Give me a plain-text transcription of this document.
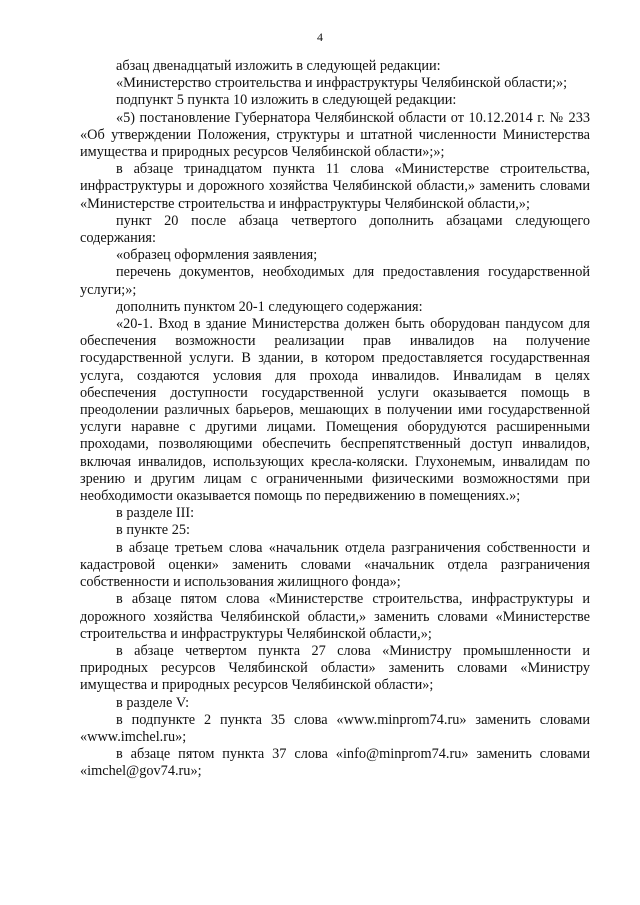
4

абзац двенадцатый изложить в следующей редакции:

«Министерство строительства и инфраструктуры Челябинской области;»;

подпункт 5 пункта 10 изложить в следующей редакции:

«5) постановление Губернатора Челябинской области от 10.12.2014 г. № 233 «Об утверждении Положения, структуры и штатной численности Министерства имущества и природных ресурсов Челябинской области»;»;

в абзаце тринадцатом пункта 11 слова «Министерстве строительства, инфраструктуры и дорожного хозяйства Челябинской области,» заменить словами «Министерстве строительства и инфраструктуры Челябинской области,»;

пункт 20 после абзаца четвертого дополнить абзацами следующего содержания:

«образец оформления заявления;

перечень документов, необходимых для предоставления государственной услуги;»;

дополнить пунктом 20-1 следующего содержания:

«20-1. Вход в здание Министерства должен быть оборудован пандусом для обеспечения возможности реализации прав инвалидов на получение государственной услуги. В здании, в котором предоставляется государственная услуга, создаются условия для прохода инвалидов. Инвалидам в целях обеспечения доступности государственной услуги оказывается помощь в преодолении различных барьеров, мешающих в получении ими государственной услуги наравне с другими лицами. Помещения оборудуются расширенными проходами, позволяющими обеспечить беспрепятственный доступ инвалидов, включая инвалидов, использующих кресла-коляски. Глухонемым, инвалидам по зрению и другим лицам с ограниченными физическими возможностями при необходимости оказывается помощь по передвижению в помещениях.»;

в разделе III:

в пункте 25:

в абзаце третьем слова «начальник отдела разграничения собственности и кадастровой оценки» заменить словами «начальник отдела разграничения собственности и использования жилищного фонда»;

в абзаце пятом слова «Министерстве строительства, инфраструктуры и дорожного хозяйства Челябинской области,» заменить словами «Министерстве строительства и инфраструктуры Челябинской области,»;

в абзаце четвертом пункта 27 слова «Министру промышленности и природных ресурсов Челябинской области» заменить словами «Министру имущества и природных ресурсов Челябинской области»;

в разделе V:

в подпункте 2 пункта 35 слова «www.minprom74.ru» заменить словами «www.imchel.ru»;

в абзаце пятом пункта 37 слова «info@minprom74.ru» заменить словами «imchel@gov74.ru»;
